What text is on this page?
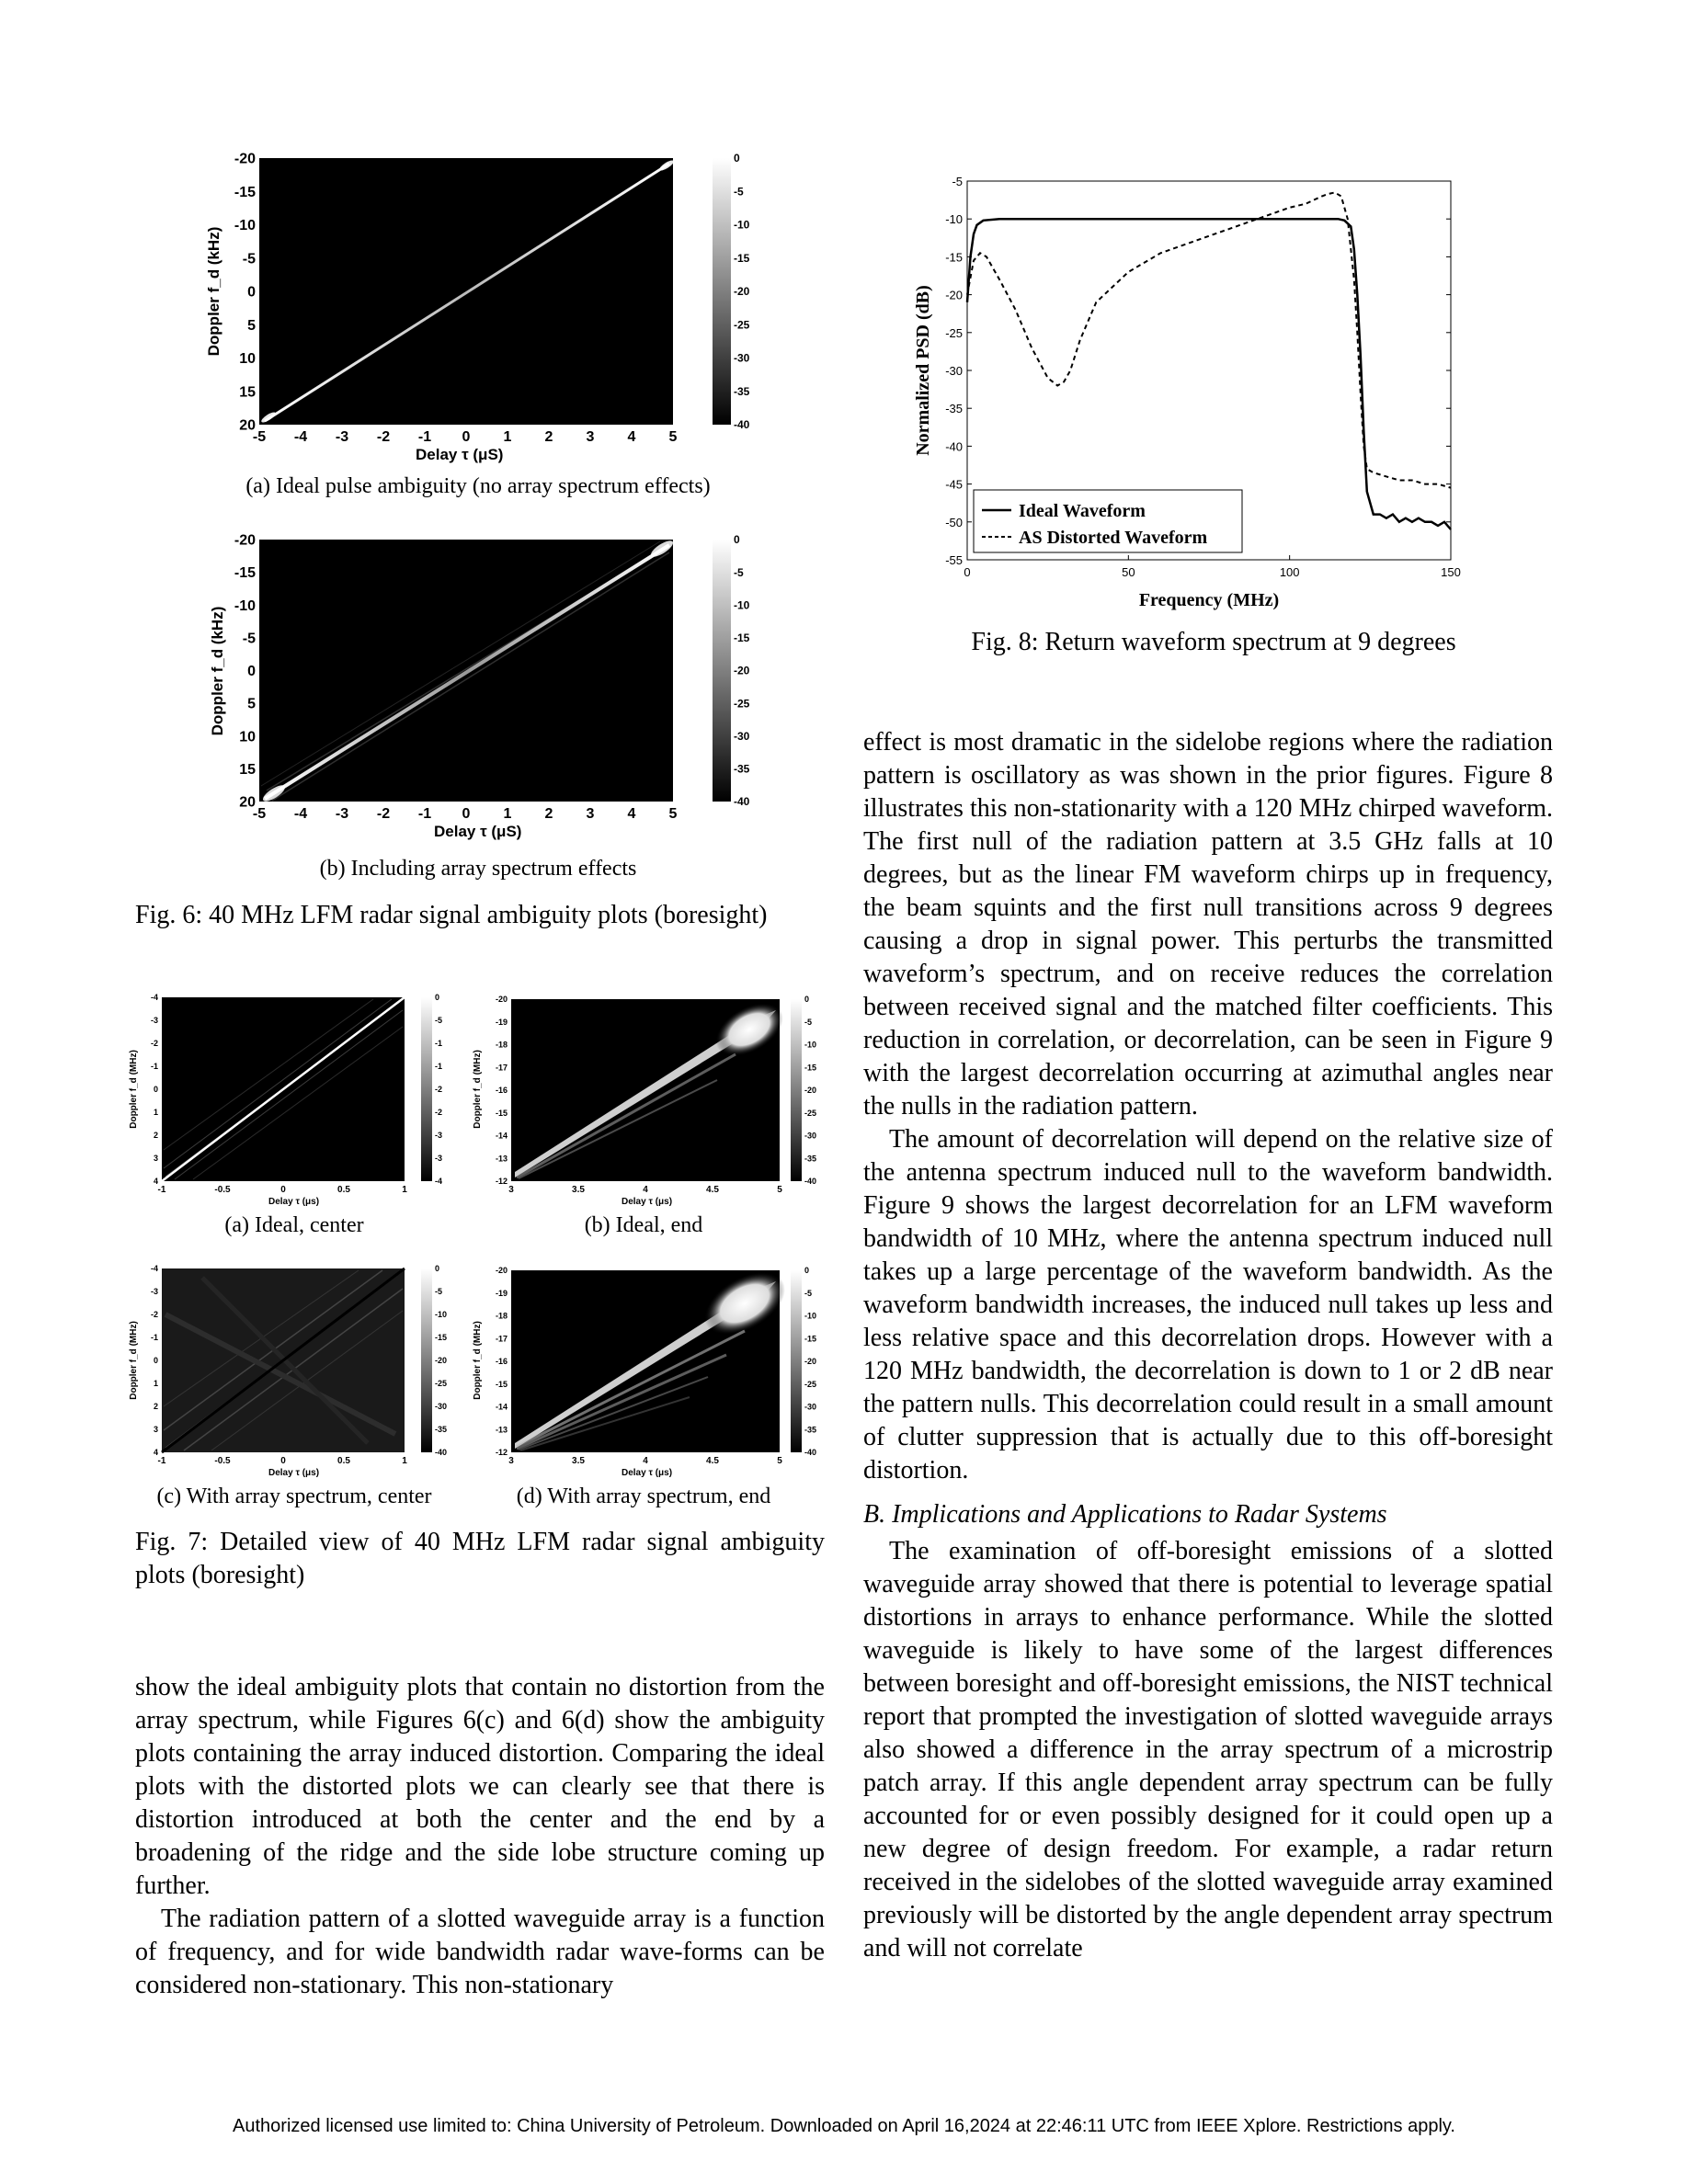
-20
-15
-10
-5
0
5
10
15
20
-5 -4 -3 -2 -1 0 1 2 3 4 5
0
-5
-10
-15
-20
-25
-30
-35
-40
Delay τ (μS)
Doppler f_d (kHz)
(a) Ideal pulse ambiguity (no array spectrum effects)
-20
-15
-10
-5
0
5
10
15
20
-5 -4 -3 -2 -1 0 1 2 3 4 5
0
-5
-10
-15
-20
-25
-30
-35
-40
Delay τ (μS)
Doppler f_d (kHz)
(b) Including array spectrum effects
Fig. 6: 40 MHz LFM radar signal ambiguity plots (boresight)
-4
-3
-2
-1
0
1
2
3
4
-1	-0.5	0	0.5	1
0
-5
-1
-1
-2
-2
-3
-3
-4
Delay τ (μs)
Doppler f_d (MHz)
(a) Ideal, center
-20
-19
-18
-17
-16
-15
-14
-13
-12
3	3.5	4	4.5	5
0
-5
-10
-15
-20
-25
-30
-35
-40
Delay τ (μs)
Doppler f_d (MHz)
(b) Ideal, end
-4
-3
-2
-1
0
1
2
3
4
-1	-0.5	0	0.5	1
0
-5
-10
-15
-20
-25
-30
-35
-40
Delay τ (μs)
Doppler f_d (MHz)
(c) With array spectrum, center
-20
-19
-18
-17
-16
-15
-14
-13
-12
3	3.5	4	4.5	5
0
-5
-10
-15
-20
-25
-30
-35
-40
Delay τ (μs)
Doppler f_d (MHz)
(d) With array spectrum, end
Fig. 7: Detailed view of 40 MHz LFM radar signal ambiguity plots (boresight)

show the ideal ambiguity plots that contain no distortion from the array spectrum, while Figures 6(c) and 6(d) show the ambiguity plots containing the array induced distortion. Comparing the ideal plots with the distorted plots we can clearly see that there is distortion introduced at both the center and the end by a broadening of the ridge and the side lobe structure coming up further.

The radiation pattern of a slotted waveguide array is a function of frequency, and for wide bandwidth radar wave-forms can be considered non-stationary. This non-stationary

-5
-10
-15
-20
-25
-30
-35
-40
-45
-50
-55
0	50	100	150
Ideal Waveform
AS Distorted Waveform
Frequency (MHz)
Normalized PSD (dB)
Fig. 8: Return waveform spectrum at 9 degrees

effect is most dramatic in the sidelobe regions where the radiation pattern is oscillatory as was shown in the prior figures. Figure 8 illustrates this non-stationarity with a 120 MHz chirped waveform. The first null of the radiation pattern at 3.5 GHz falls at 10 degrees, but as the linear FM waveform chirps up in frequency, the beam squints and the first null transitions across 9 degrees causing a drop in signal power. This perturbs the transmitted waveform’s spectrum, and on receive reduces the correlation between received signal and the matched filter coefficients. This reduction in correlation, or decorrelation, can be seen in Figure 9 with the largest decorrelation occurring at azimuthal angles near the nulls in the radiation pattern.

The amount of decorrelation will depend on the relative size of the antenna spectrum induced null to the waveform bandwidth. Figure 9 shows the largest decorrelation for an LFM waveform bandwidth of 10 MHz, where the antenna spectrum induced null takes up a large percentage of the waveform bandwidth. As the waveform bandwidth increases, the induced null takes up less and less relative space and this decorrelation drops. However with a 120 MHz bandwidth, the decorrelation is down to 1 or 2 dB near the pattern nulls. This decorrelation could result in a small amount of clutter suppression that is actually due to this off-boresight distortion.

B. Implications and Applications to Radar Systems

The examination of off-boresight emissions of a slotted waveguide array showed that there is potential to leverage spatial distortions in arrays to enhance performance. While the slotted waveguide is likely to have some of the largest differences between boresight and off-boresight emissions, the NIST technical report that prompted the investigation of slotted waveguide arrays also showed a difference in the array spectrum of a microstrip patch array. If this angle dependent array spectrum can be fully accounted for or even possibly designed for it could open up a new degree of design freedom. For example, a radar return received in the sidelobes of the slotted waveguide array examined previously will be distorted by the angle dependent array spectrum and will not correlate

Authorized licensed use limited to: China University of Petroleum. Downloaded on April 16,2024 at 22:46:11 UTC from IEEE Xplore. Restrictions apply.
